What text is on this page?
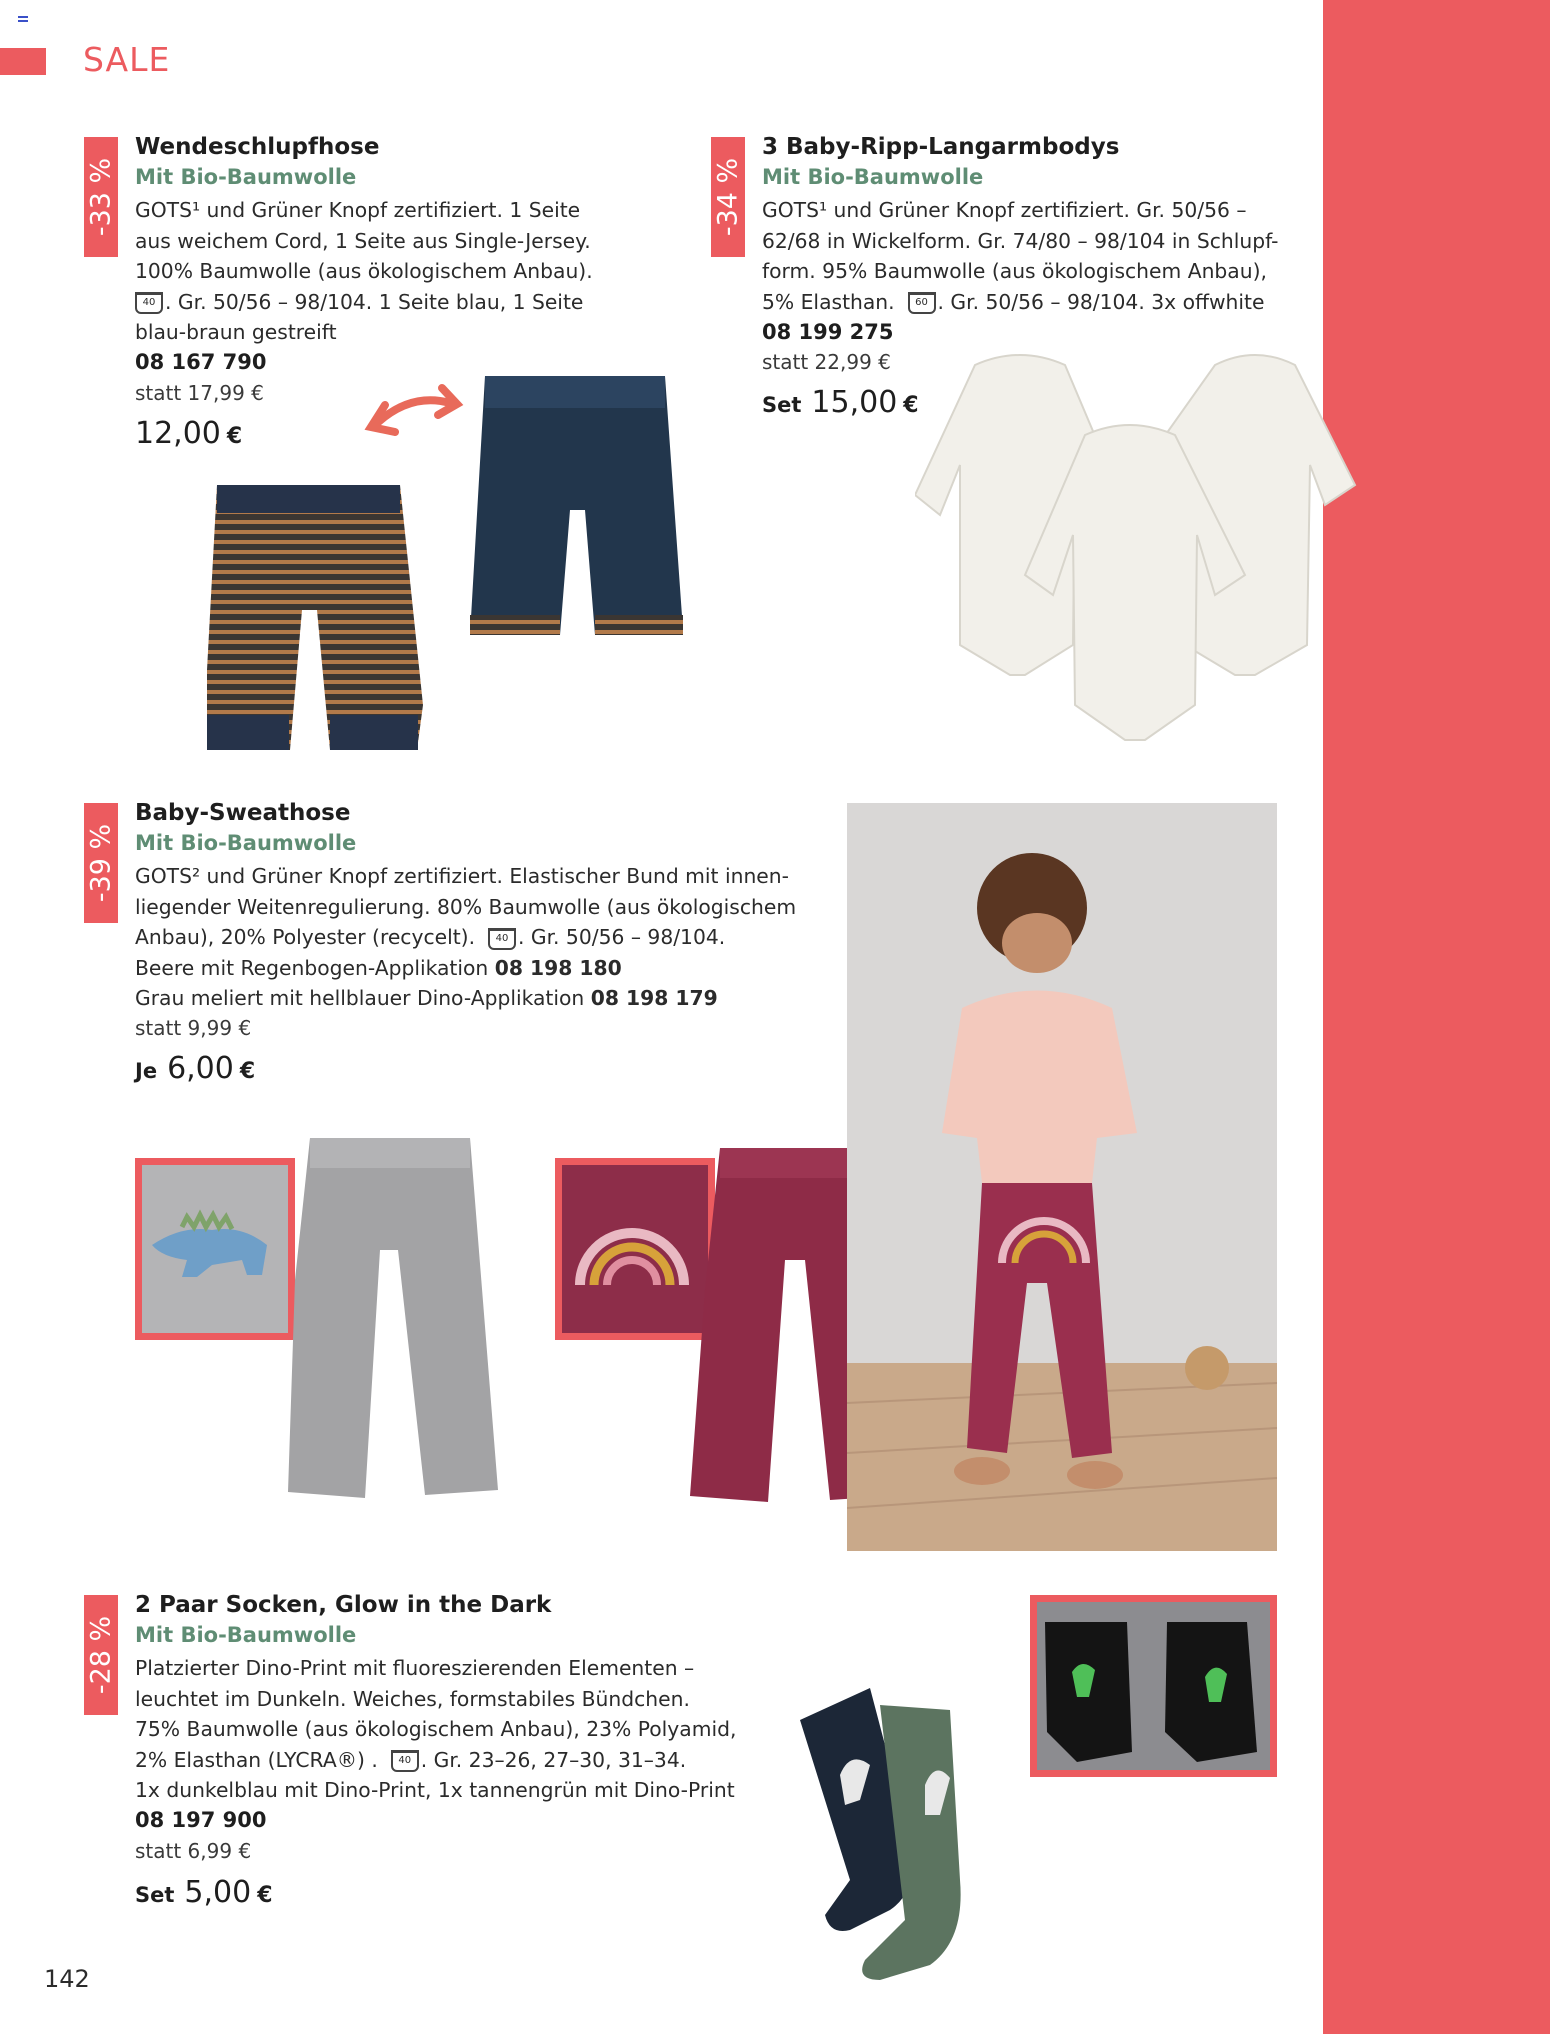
SALE
-33 %
Wendeschlupfhose
Mit Bio-Baumwolle
GOTS¹ und Grüner Knopf zertifiziert. 1 Seite
aus weichem Cord, 1 Seite aus Single-Jersey.
100% Baumwolle (aus ökologischem Anbau).
40 . Gr. 50/56 – 98/104. 1 Seite blau, 1 Seite
blau-braun gestreift
08 167 790
statt 17,99 €
12,00 €
-34 %
3 Baby-Ripp-Langarmbodys
Mit Bio-Baumwolle
GOTS¹ und Grüner Knopf zertifiziert. Gr. 50/56 –
62/68 in Wickelform. Gr. 74/80 – 98/104 in Schlupf-
form. 95% Baumwolle (aus ökologischem Anbau),
5% Elasthan. 60 . Gr. 50/56 – 98/104. 3x offwhite
08 199 275
statt 22,99 €
Set 15,00 €
-39 %
Baby-Sweathose
Mit Bio-Baumwolle
GOTS² und Grüner Knopf zertifiziert. Elastischer Bund mit innen-
liegender Weitenregulierung. 80% Baumwolle (aus ökologischem
Anbau), 20% Polyester (recycelt). 40 . Gr. 50/56 – 98/104.
Beere mit Regenbogen-Applikation 08 198 180
Grau meliert mit hellblauer Dino-Applikation 08 198 179
statt 9,99 €
Je 6,00 €
-28 %
2 Paar Socken, Glow in the Dark
Mit Bio-Baumwolle
Platzierter Dino-Print mit fluoreszierenden Elementen –
leuchtet im Dunkeln. Weiches, formstabiles Bündchen.
75% Baumwolle (aus ökologischem Anbau), 23% Polyamid,
2% Elasthan (LYCRA®) . 40 . Gr. 23–26, 27–30, 31–34.
1x dunkelblau mit Dino-Print, 1x tannengrün mit Dino-Print
08 197 900
statt 6,99 €
Set 5,00 €
142
